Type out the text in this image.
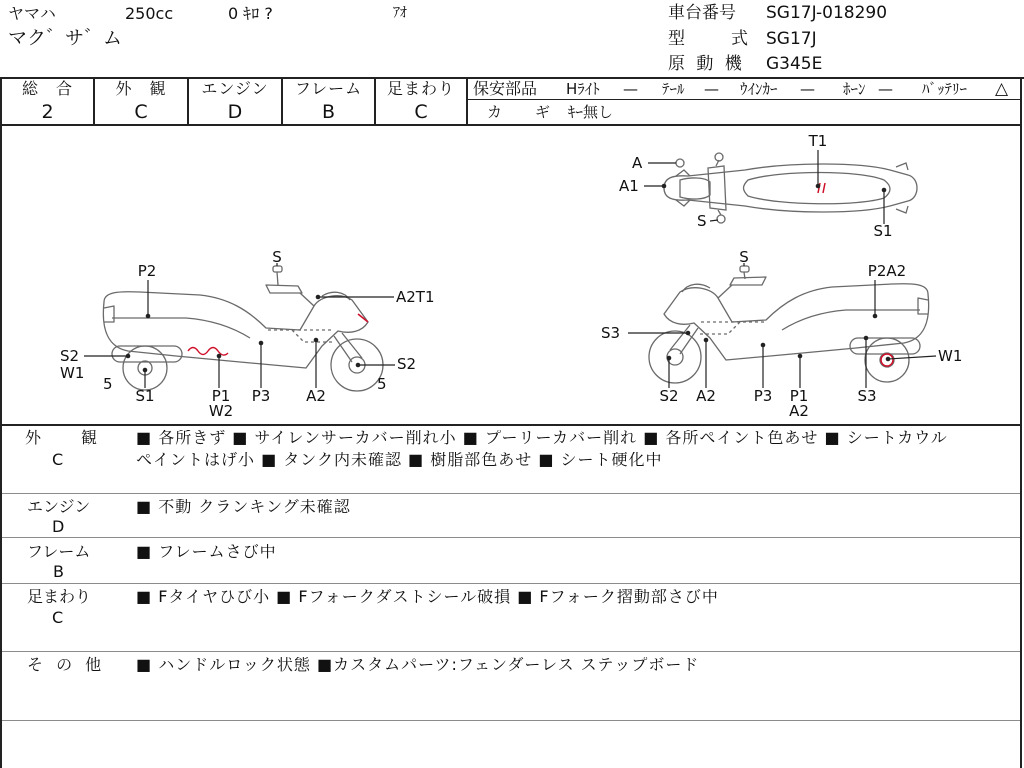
ヤマハ	250cc	0 ｷﾛ ?	ｱｵ
マク゛サ゛ム
車台番号 SG17J-018290
型　　式 SG17J
原 動 機 G345E
総　合	外　観	エンジン	フレーム	足まわり
2	C	D	B	C
保安部品 Hﾗｲﾄ — ﾃｰﾙ — ｳｲﾝｶｰ — ﾎｰﾝ — ﾊﾞｯﾃﾘｰ △
カ　ギ ｷｰ無し
A
A1
T1
S
S1
S
P2
A2T1
S2
W1
5
S1	P1
W2
P3 A2
S2
5
S
P2A2
S3
W1
S2 A2	P3 P1
A2
S3
外　観
C
■ 各所きず ■ サイレンサーカバー削れ小 ■ プーリーカバー削れ ■ 各所ペイント色あせ ■ シートカウル
ペイントはげ小 ■ タンク内未確認 ■ 樹脂部色あせ ■ シート硬化中
エンジン
D
■ 不動 クランキング未確認
フレーム
B
■ フレームさび中
足まわり
C
■ Fタイヤひび小 ■ Fフォークダストシール破損 ■ Fフォーク摺動部さび中
そ の 他 ■ ハンドルロック状態 ■カスタムパーツ:フェンダーレス ステップボード
